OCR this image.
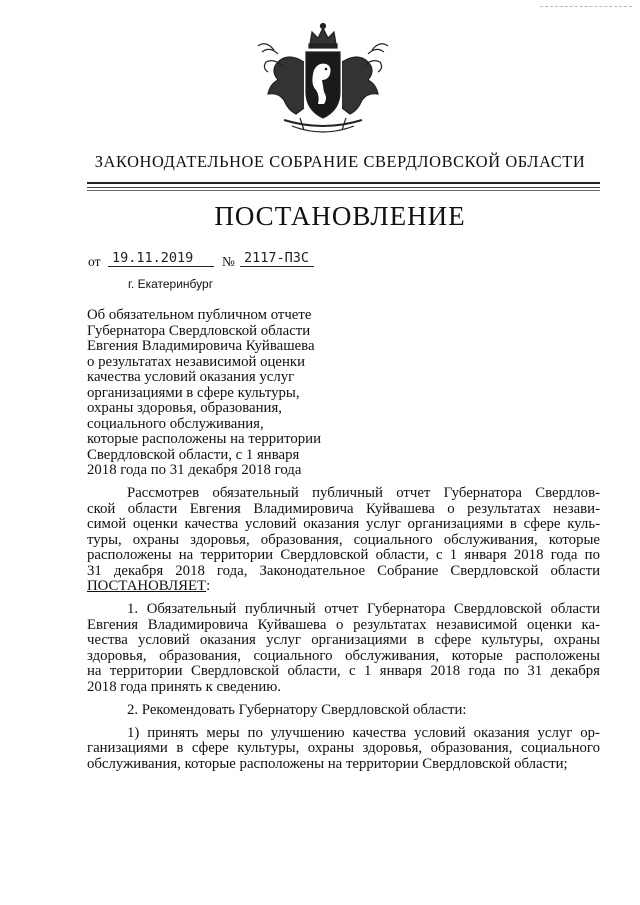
ЗАКОНОДАТЕЛЬНОЕ СОБРАНИЕ СВЕРДЛОВСКОЙ ОБЛАСТИ
ПОСТАНОВЛЕНИЕ
от 19.11.2019	№ 2117-ПЗС
г. Екатеринбург
Об обязательном публичном отчете
Губернатора Свердловской области
Евгения Владимировича Куйвашева
о результатах независимой оценки
качества условий оказания услуг
организациями в сфере культуры,
охраны здоровья, образования,
социального обслуживания,
которые расположены на территории
Свердловской области, с 1 января
2018 года по 31 декабря 2018 года

Рассмотрев обязательный публичный отчет Губернатора Свердлов-
ской области Евгения Владимировича Куйвашева о результатах незави-
симой оценки качества условий оказания услуг организациями в сфере куль-
туры, охраны здоровья, образования, социального обслуживания, которые
расположены на территории Свердловской области, с 1 января 2018 года по
31 декабря 2018 года, Законодательное Собрание Свердловской области
ПОСТАНОВЛЯЕТ:

1. Обязательный публичный отчет Губернатора Свердловской области
Евгения Владимировича Куйвашева о результатах независимой оценки ка-
чества условий оказания услуг организациями в сфере культуры, охраны
здоровья, образования, социального обслуживания, которые расположены
на территории Свердловской области, с 1 января 2018 года по 31 декабря
2018 года принять к сведению.

2. Рекомендовать Губернатору Свердловской области:

1) принять меры по улучшению качества условий оказания услуг ор-
ганизациями в сфере культуры, охраны здоровья, образования, социального
обслуживания, которые расположены на территории Свердловской области;
